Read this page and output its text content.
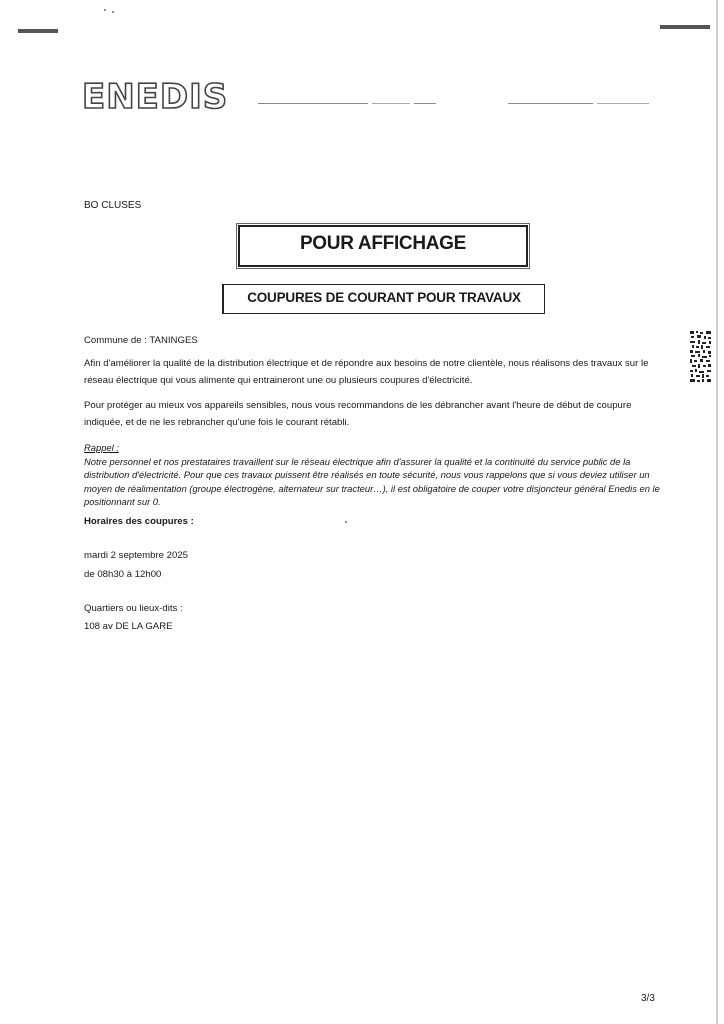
ENEDIS
BO CLUSES
POUR AFFICHAGE
COUPURES DE COURANT POUR TRAVAUX
Commune de : TANINGES
Afin d'améliorer la qualité de la distribution électrique et de répondre aux besoins de notre clientèle, nous réalisons des travaux sur le réseau électrique qui vous alimente qui entraineront une ou plusieurs coupures d'électricité.
Pour protéger au mieux vos appareils sensibles, nous vous recommandons de les débrancher avant l'heure de début de coupure indiquée, et de ne les rebrancher qu'une fois le courant rétabli.
Rappel :
Notre personnel et nos prestataires travaillent sur le réseau électrique afin d'assurer la qualité et la continuité du service public de la distribution d'électricité. Pour que ces travaux puissent être réalisés en toute sécurité, nous vous rappelons que si vous deviez utiliser un moyen de réalimentation (groupe électrogène, alternateur sur tracteur…), il est obligatoire de couper votre disjoncteur général Enedis en le positionnant sur 0.
Horaires des coupures :
mardi 2 septembre 2025
de 08h30 à 12h00
Quartiers ou lieux-dits :
108 av DE LA GARE
3/3
